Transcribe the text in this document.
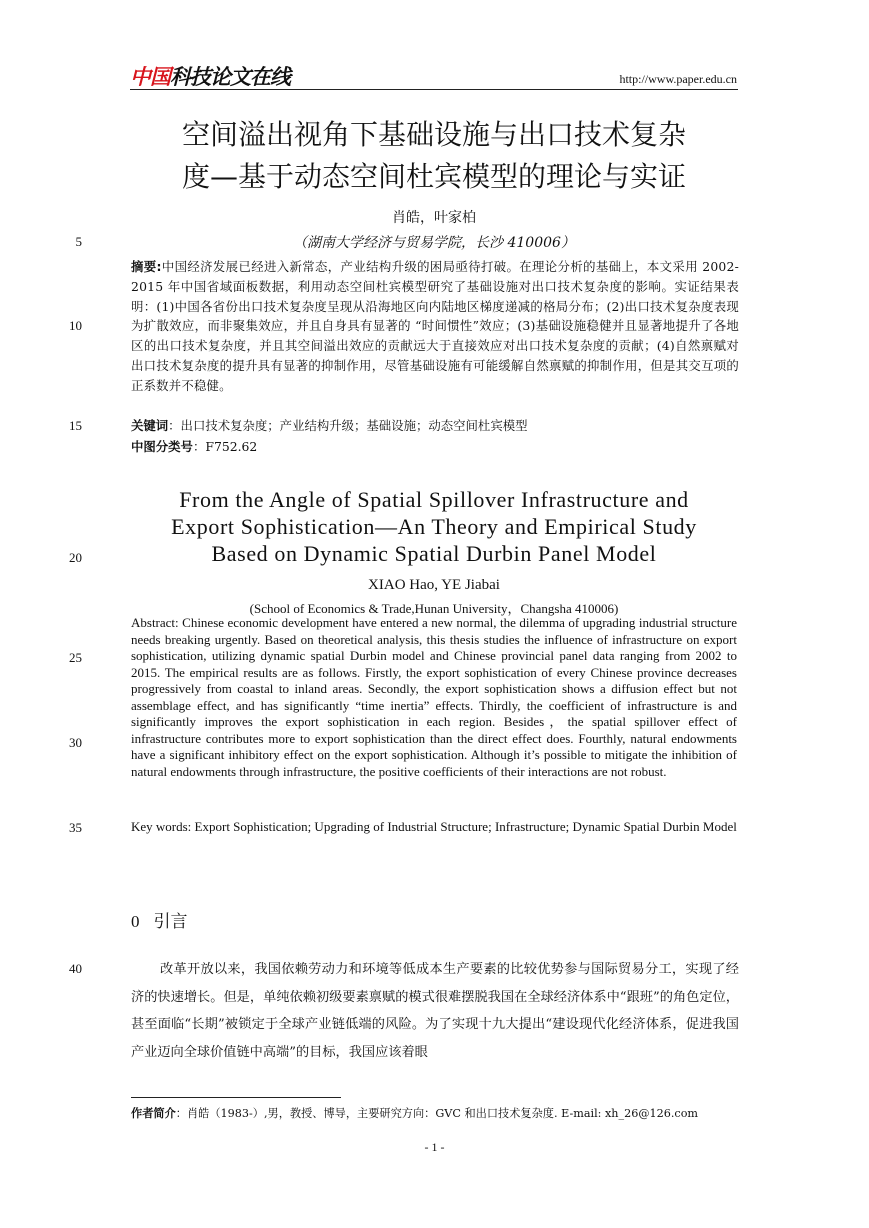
中国科技论文在线	http://www.paper.edu.cn
空间溢出视角下基础设施与出口技术复杂
度—基于动态空间杜宾模型的理论与实证
肖皓，叶家柏
（湖南大学经济与贸易学院，长沙 410006）
5
10
15
20
25
30
35
40
摘要:中国经济发展已经进入新常态，产业结构升级的困局亟待打破。在理论分析的基础上，本文采用 2002-2015 年中国省域面板数据，利用动态空间杜宾模型研究了基础设施对出口技术复杂度的影响。实证结果表明：(1)中国各省份出口技术复杂度呈现从沿海地区向内陆地区梯度递减的格局分布；(2)出口技术复杂度表现为扩散效应，而非聚集效应，并且自身具有显著的 “时间惯性”效应；(3)基础设施稳健并且显著地提升了各地区的出口技术复杂度，并且其空间溢出效应的贡献远大于直接效应对出口技术复杂度的贡献；(4)自然禀赋对出口技术复杂度的提升具有显著的抑制作用，尽管基础设施有可能缓解自然禀赋的抑制作用，但是其交互项的正系数并不稳健。
关键词：出口技术复杂度；产业结构升级；基础设施；动态空间杜宾模型
中图分类号：F752.62
From the Angle of Spatial Spillover Infrastructure and
Export Sophistication—An Theory and Empirical Study
Based on Dynamic Spatial Durbin Panel Model
XIAO Hao, YE Jiabai
(School of Economics & Trade,Hunan University，Changsha 410006)
Abstract: Chinese economic development have entered a new normal, the dilemma of upgrading industrial structure needs breaking urgently. Based on theoretical analysis, this thesis studies the influence of infrastructure on export sophistication, utilizing dynamic spatial Durbin model and Chinese provincial panel data ranging from 2002 to 2015. The empirical results are as follows. Firstly, the export sophistication of every Chinese province decreases progressively from coastal to inland areas. Secondly, the export sophistication shows a diffusion effect but not assemblage effect, and has significantly “time inertia” effects. Thirdly, the coefficient of infrastructure is and significantly improves the export sophistication in each region. Besides，the spatial spillover effect of infrastructure contributes more to export sophistication than the direct effect does. Fourthly, natural endowments have a significant inhibitory effect on the export sophistication. Although it’s possible to mitigate the inhibition of natural endowments through infrastructure, the positive coefficients of their interactions are not robust.
Key words: Export Sophistication; Upgrading of Industrial Structure; Infrastructure; Dynamic Spatial Durbin Model
0 引言
改革开放以来，我国依赖劳动力和环境等低成本生产要素的比较优势参与国际贸易分工，实现了经济的快速增长。但是，单纯依赖初级要素禀赋的模式很难摆脱我国在全球经济体系中“跟班”的角色定位，甚至面临“长期”被锁定于全球产业链低端的风险。为了实现十九大提出“建设现代化经济体系，促进我国产业迈向全球价值链中高端”的目标，我国应该着眼
作者简介：肖皓（1983-）,男，教授、博导，主要研究方向：GVC 和出口技术复杂度. E-mail: xh_26@126.com
- 1 -
